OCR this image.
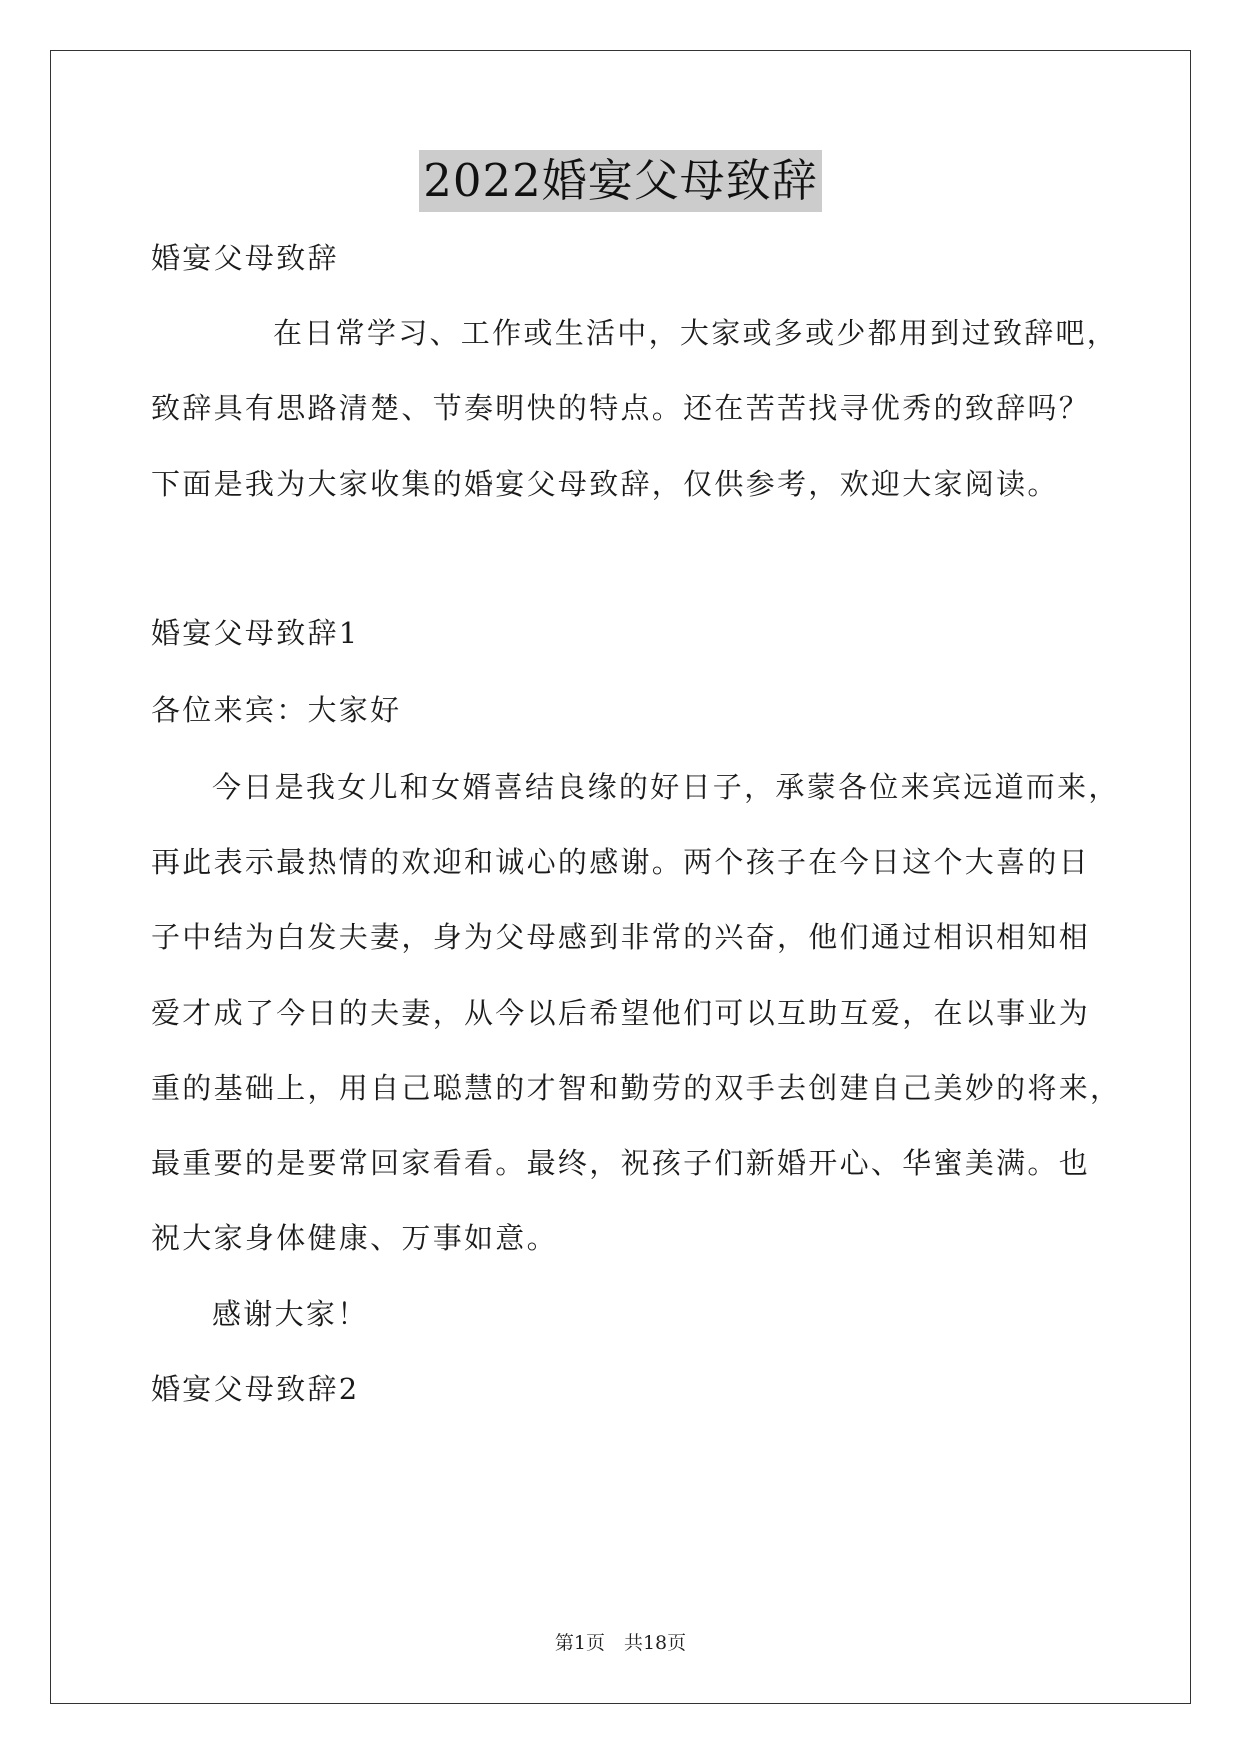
2022婚宴父母致辞
婚宴父母致辞
在日常学习、工作或生活中，大家或多或少都用到过致辞吧，
致辞具有思路清楚、节奏明快的特点。还在苦苦找寻优秀的致辞吗？
下面是我为大家收集的婚宴父母致辞，仅供参考，欢迎大家阅读。
婚宴父母致辞1
各位来宾：大家好
今日是我女儿和女婿喜结良缘的好日子，承蒙各位来宾远道而来，
再此表示最热情的欢迎和诚心的感谢。两个孩子在今日这个大喜的日
子中结为白发夫妻，身为父母感到非常的兴奋，他们通过相识相知相
爱才成了今日的夫妻，从今以后希望他们可以互助互爱，在以事业为
重的基础上，用自己聪慧的才智和勤劳的双手去创建自己美妙的将来，
最重要的是要常回家看看。最终，祝孩子们新婚开心、华蜜美满。也
祝大家身体健康、万事如意。
感谢大家！
婚宴父母致辞2
第1页　共18页
